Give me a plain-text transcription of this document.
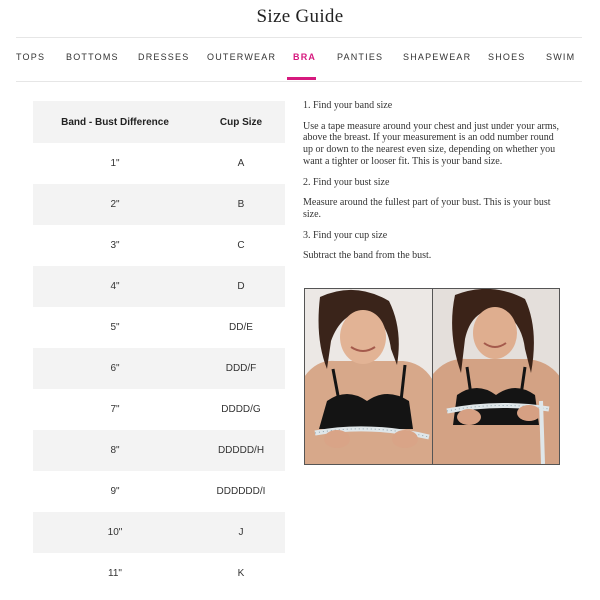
Size Guide
TOPS BOTTOMS DRESSES OUTERWEAR BRA PANTIES SHAPEWEAR SHOES SWIM
Band - Bust Difference	Cup Size
1"	A
2"	B
3"	C
4"	D
5"	DD/E
6"	DDD/F
7"	DDDD/G
8"	DDDDD/H
9"	DDDDDD/I
10"	J
11"	K

1. Find your band size

Use a tape measure around your chest and just under your arms, above the breast. If your measurement is an odd number round up or down to the nearest even size, depending on whether you want a tighter or looser fit. This is your band size.

2. Find your bust size

Measure around the fullest part of your bust. This is your bust size.

3. Find your cup size

Subtract the band from the bust.
